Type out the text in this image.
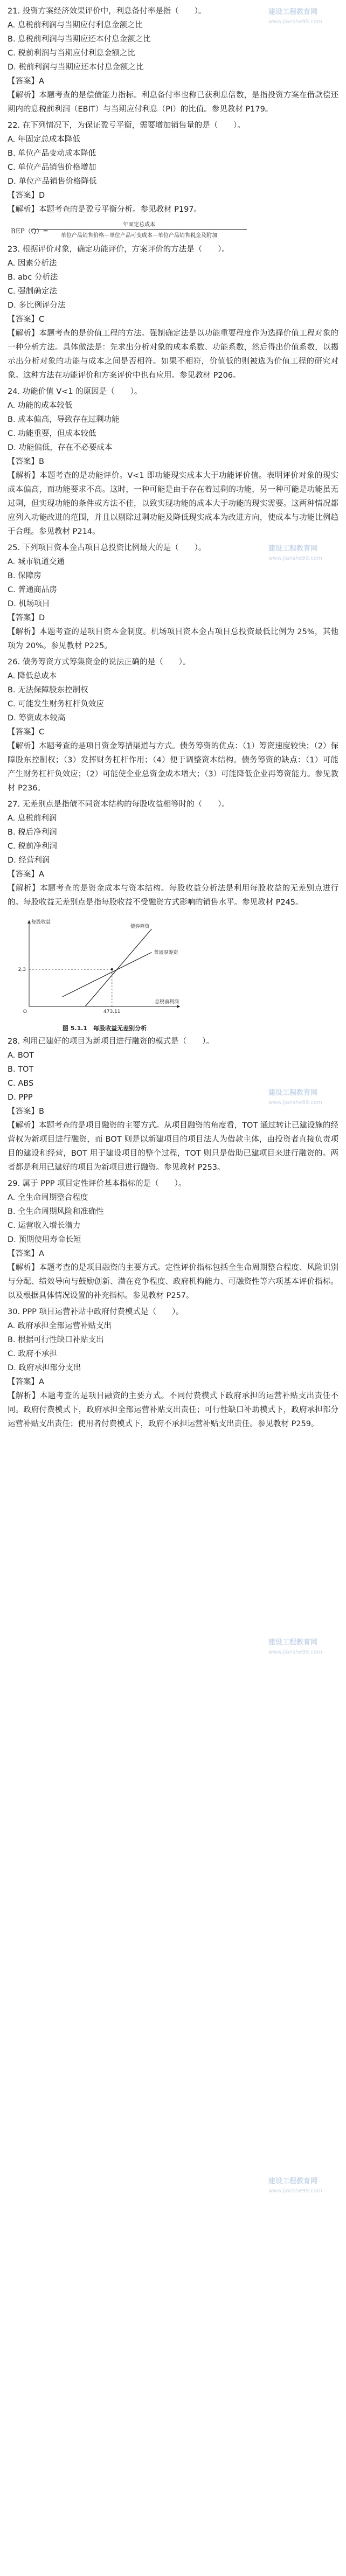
建设工程教育网
www.jianshe99.com
建设工程教育网
www.jianshe99.com
建设工程教育网
www.jianshe99.com
建设工程教育网
www.jianshe99.com
建设工程教育网
www.jianshe99.com
21. 投资方案经济效果评价中，利息备付率是指（　　）。
A. 息税前利润与当期应付利息金额之比
B. 息税前利润与当期应还本付息金额之比
C. 税前利润与当期应付利息金额之比
D. 税前利润与当期应还本付息金额之比
【答案】A
【解析】本题考查的是偿债能力指标。利息备付率也称已获利息倍数，是指投资方案在借款偿还期内的息税前利润（EBIT）与当期应付利息（PI）的比值。参见教材 P179。
22. 在下列情况下，为保证盈亏平衡，需要增加销售量的是（　　）。
A. 年固定总成本降低
B. 单位产品变动成本降低
C. 单位产品销售价格增加
D. 单位产品销售价格降低
【答案】D
【解析】本题考查的是盈亏平衡分析。参见教材 P197。
BEP（Q）=
年固定总成本
单位产品销售价格－单位产品可变成本－单位产品销售税金及附加
23. 根据评价对象，确定功能评价，方案评价的方法是（　　）。
A. 因素分析法
B. abc 分析法
C. 强制确定法
D. 多比例评分法
【答案】C
【解析】本题考查的是价值工程的方法。强制确定法是以功能重要程度作为选择价值工程对象的一种分析方法。具体做法是：先求出分析对象的成本系数、功能系数，然后得出价值系数，以揭示出分析对象的功能与成本之间是否相符。如果不相符，价值低的则被选为价值工程的研究对象。这种方法在功能评价和方案评价中也有应用。参见教材 P206。
24. 功能价值 V<1 的原因是（　　）。
A. 功能的成本较低
B. 成本偏高，导致存在过剩功能
C. 功能重要，但成本较低
D. 功能偏低，存在不必要成本
【答案】B
【解析】本题考查的是功能评价。V<1 即功能现实成本大于功能评价值。表明评价对象的现实成本偏高，而功能要求不高。这时，一种可能是由于存在着过剩的功能，另一种可能是功能虽无过剩，但实现功能的条件或方法不佳，以致实现功能的成本大于功能的现实需要。这两种情况都应列入功能改进的范围，并且以剔除过剩功能及降低现实成本为改进方向，使成本与功能比例趋于合理。参见教材 P214。
25. 下列项目资本金占项目总投资比例最大的是（　　）。
A. 城市轨道交通
B. 保障房
C. 普通商品房
D. 机场项目
【答案】D
【解析】本题考查的是项目资本金制度。机场项目资本金占项目总投资最低比例为 25%，其他项为 20%。参见教材 P225。
26. 债务筹资方式筹集资金的说法正确的是（　　）。
A. 降低总成本
B. 无法保障股东控制权
C. 可能发生财务杠杆负效应
D. 筹资成本较高
【答案】C
【解析】本题考查的是项目资金筹措渠道与方式。债务筹资的优点：（1）筹资速度较快；（2）保障股东控制权；（3）发挥财务杠杆作用；（4）便于调整资本结构。债务筹资的缺点：（1）可能产生财务杠杆负效应；（2）可能使企业总资金成本增大；（3）可能降低企业再筹资能力。参见教材 P236。
27. 无差别点是指债不同资本结构的每股收益相等时的（　　）。
A. 息税前利润
B. 税后净利润
C. 税前净利润
D. 经营利润
【答案】A
【解析】本题考查的是资金成本与资本结构。每股收益分析法是利用每股收益的无差别点进行的。每股收益无差别点是指每股收益不受融资方式影响的销售水平。参见教材 P245。
2.3
473.11
O
每股收益
息税前利润
普通股筹资
债券筹资
图 5.1.1　每股收益无差别分析
28. 利用已建好的项目为新项目进行融资的模式是（　　）。
A. BOT
B. TOT
C. ABS
D. PPP
【答案】B
【解析】本题考查的是项目融资的主要方式。从项目融资的角度看，TOT 通过转让已建设施的经营权为新项目进行融资，而 BOT 则是以新建项目的项目法人为借款主体，由投资者直接负责项目的建设和经营，BOT 用于建设项目的整个过程，TOT 则只是借助已建项目来进行融资的。两者都是利用已建好的项目为新项目进行融资。参见教材 P253。
29. 属于 PPP 项目定性评价基本指标的是（　　）。
A. 全生命周期整合程度
B. 全生命周期风险和准确性
C. 运营收入增长潜力
D. 预期使用寿命长短
【答案】A
【解析】本题考查的是项目融资的主要方式。定性评价指标包括全生命周期整合程度、风险识别与分配、绩效导向与鼓励创新、潜在竞争程度、政府机构能力、可融资性等六项基本评价指标。以及根据具体情况设置的补充指标。参见教材 P257。
30. PPP 项目运营补贴中政府付费模式是（　　）。
A. 政府承担全部运营补贴支出
B. 根据可行性缺口补贴支出
C. 政府不承担
D. 政府承担部分支出
【答案】A
【解析】本题考查的是项目融资的主要方式。不同付费模式下政府承担的运营补贴支出责任不同。政府付费模式下，政府承担全部运营补贴支出责任；可行性缺口补助模式下，政府承担部分运营补贴支出责任；使用者付费模式下，政府不承担运营补贴支出责任。参见教材 P259。
